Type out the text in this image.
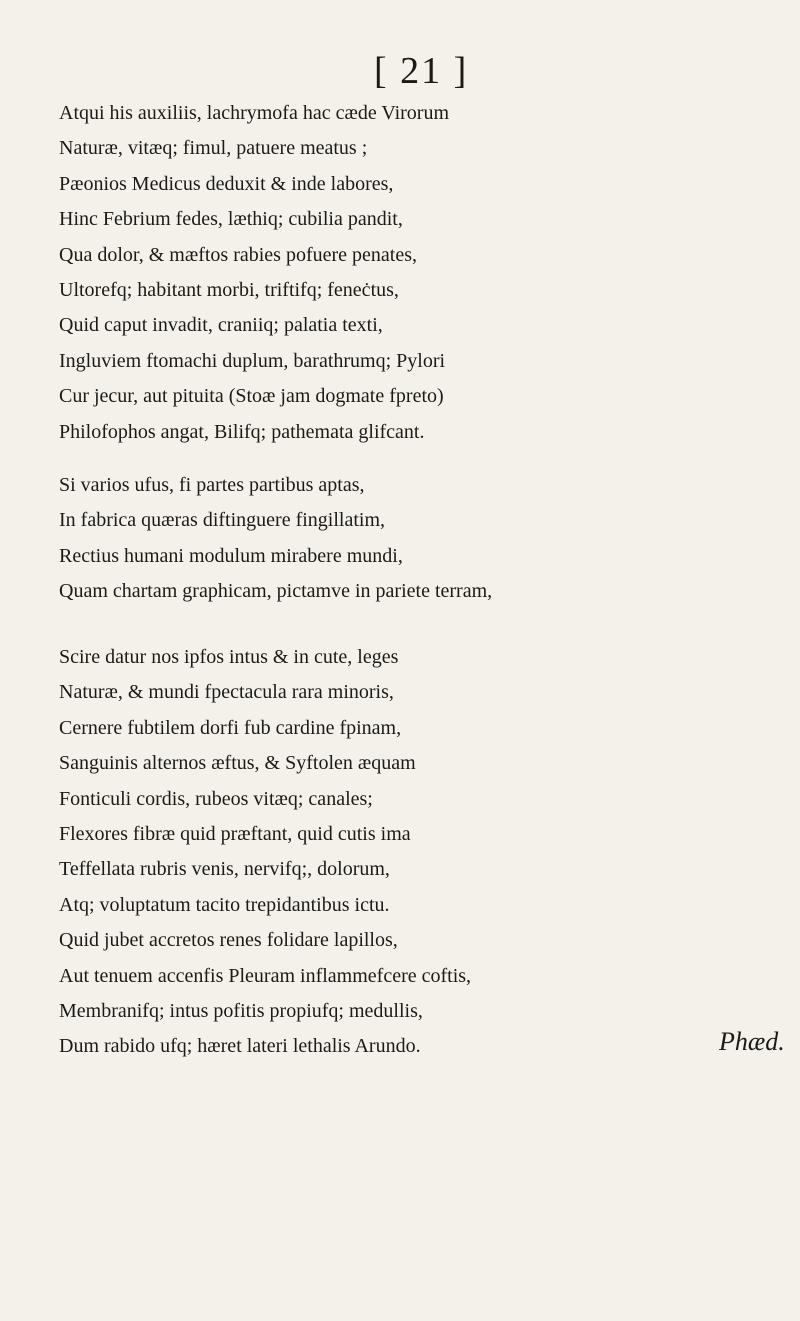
[ 21 ]
Atqui his auxiliis, lachrymofa hac cæde Virorum
Naturæ, vitæq; fimul, patuere meatus ;
Pæonios Medicus deduxit & inde labores,
Hinc Febrium fedes, læthiq; cubilia pandit,
Qua dolor, & mæftos rabies pofuere penates,
Ultorefq; habitant morbi, triftifq; feneċtus,
Quid caput invadit, craniiq; palatia texti,
Ingluviem ftomachi duplum, barathrumq; Pylori
Cur jecur, aut pituita (Stoæ jam dogmate fpreto)
Philofophos angat, Bilifq; pathemata glifcant.
Si varios ufus, fi partes partibus aptas,
In fabrica quæras diftinguere fingillatim,
Rectius humani modulum mirabere mundi,
Quam chartam graphicam, pictamve in pariete terram,
Scire datur nos ipfos intus & in cute, leges
Naturæ, & mundi fpectacula rara minoris,
Cernere fubtilem dorfi fub cardine fpinam,
Sanguinis alternos æftus, & Syftolen æquam
Fonticuli cordis, rubeos vitæq; canales;
Flexores fibræ quid præftant, quid cutis ima
Teffellata rubris venis, nervifq;, dolorum,
Atq; voluptatum tacito trepidantibus ictu.
Quid jubet accretos renes folidare lapillos,
Aut tenuem accenfis Pleuram inflammefcere coftis,
Membranifq; intus pofitis propiufq; medullis,
Dum rabido ufq; hæret lateri lethalis Arundo.	Phæd.
